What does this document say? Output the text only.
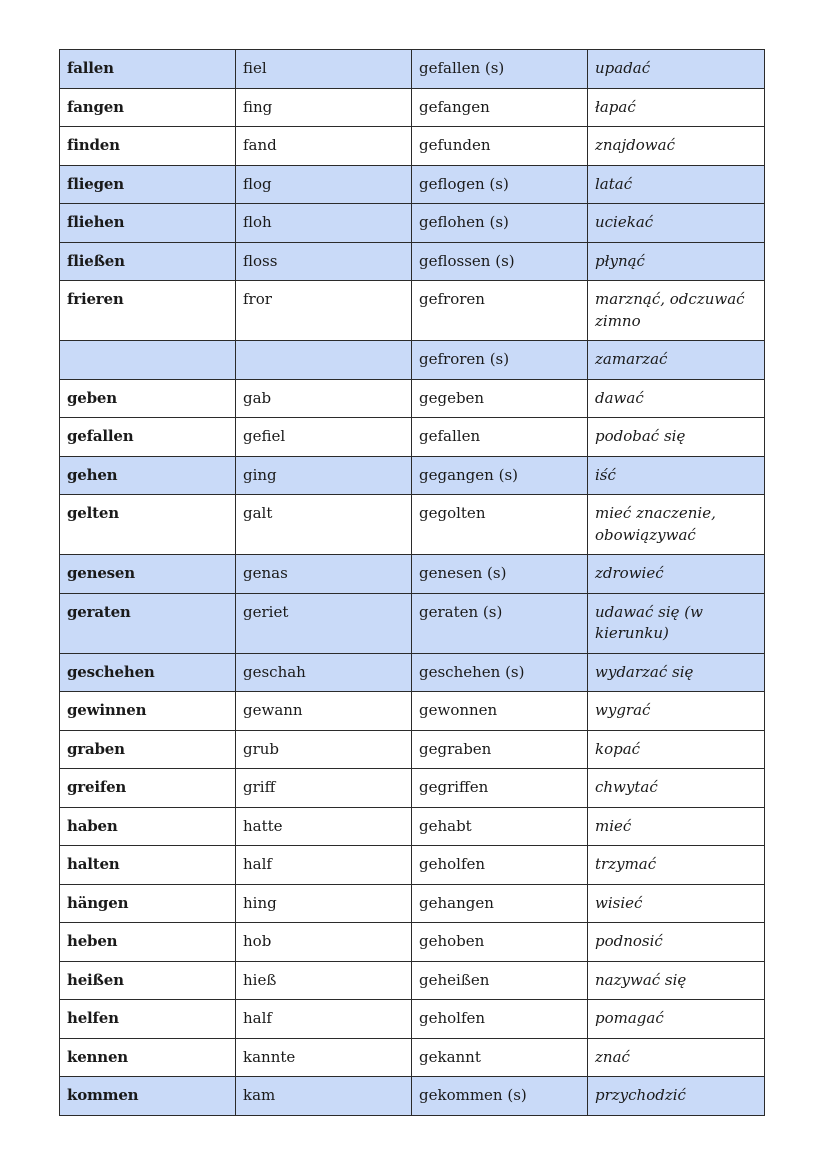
fallen	fiel	gefallen (s)	upadać
fangen	fing	gefangen	łapać
finden	fand	gefunden	znajdować
fliegen	flog	geflogen (s)	latać
fliehen	floh	geflohen (s)	uciekać
fließen	floss	geflossen (s)	płynąć
frieren	fror	gefroren	marznąć, odczuwać zimno
		gefroren (s)	zamarzać
geben	gab	gegeben	dawać
gefallen	gefiel	gefallen	podobać się
gehen	ging	gegangen (s)	iść
gelten	galt	gegolten	mieć znaczenie, obowiązywać
genesen	genas	genesen (s)	zdrowieć
geraten	geriet	geraten (s)	udawać się (w kierunku)
geschehen	geschah	geschehen (s)	wydarzać się
gewinnen	gewann	gewonnen	wygrać
graben	grub	gegraben	kopać
greifen	griff	gegriffen	chwytać
haben	hatte	gehabt	mieć
halten	half	geholfen	trzymać
hängen	hing	gehangen	wisieć
heben	hob	gehoben	podnosić
heißen	hieß	geheißen	nazywać się
helfen	half	geholfen	pomagać
kennen	kannte	gekannt	znać
kommen	kam	gekommen (s)	przychodzić
